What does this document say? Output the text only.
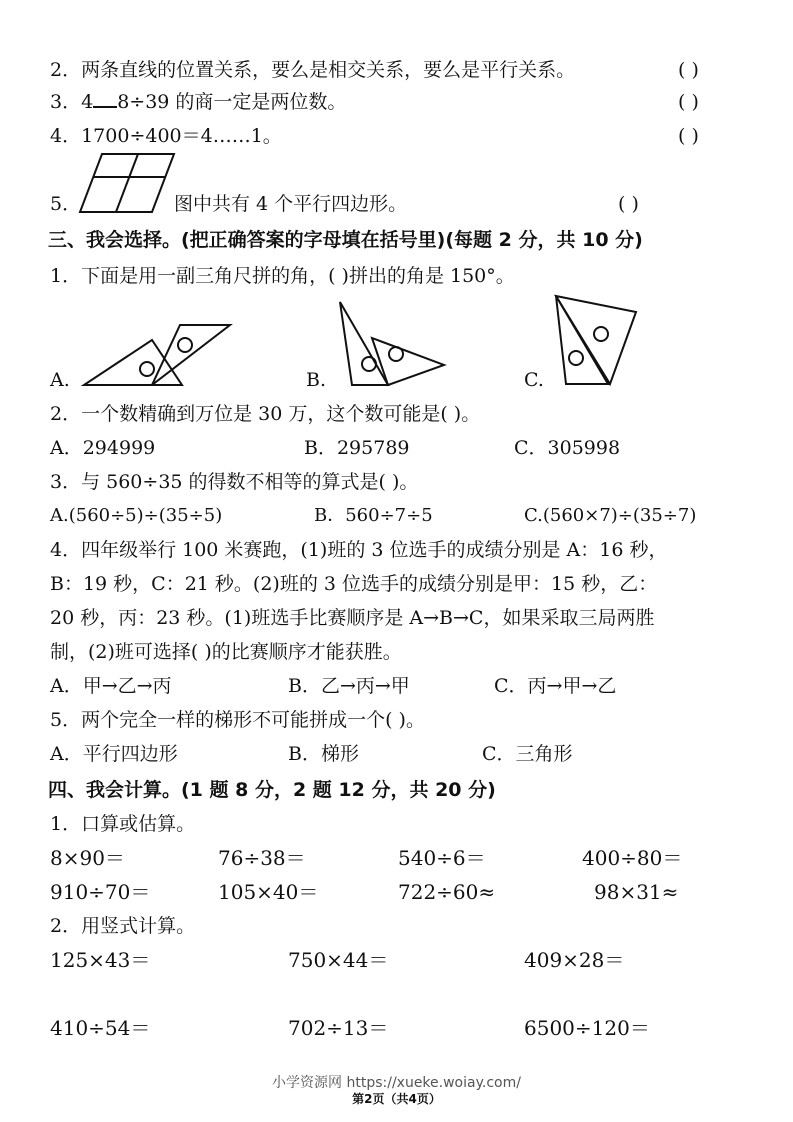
2．两条直线的位置关系，要么是相交关系，要么是平行关系。	( )
3．4 8÷39 的商一定是两位数。	( )
4．1700÷400＝4……1。	( )
5．	图中共有 4 个平行四边形。	( )
三、我会选择。(把正确答案的字母填在括号里)(每题 2 分，共 10 分)
1．下面是用一副三角尺拼的角，( )拼出的角是 150°。
A.	B.	C.
2．一个数精确到万位是 30 万，这个数可能是( )。
A．294999	B．295789	C．305998
3．与 560÷35 的得数不相等的算式是( )。
A.(560÷5)÷(35÷5)	B．560÷7÷5	C.(560×7)÷(35÷7)
4．四年级举行 100 米赛跑，(1)班的 3 位选手的成绩分别是 A：16 秒，
B：19 秒，C：21 秒。(2)班的 3 位选手的成绩分别是甲：15 秒，乙：
20 秒，丙：23 秒。(1)班选手比赛顺序是 A→B→C，如果采取三局两胜
制，(2)班可选择( )的比赛顺序才能获胜。
A．甲→乙→丙	B．乙→丙→甲	C．丙→甲→乙
5．两个完全一样的梯形不可能拼成一个( )。
A．平行四边形	B．梯形	C．三角形
四、我会计算。(1 题 8 分，2 题 12 分，共 20 分)
1．口算或估算。
8×90＝	76÷38＝	540÷6＝	400÷80＝
910÷70＝	105×40＝	722÷60≈	98×31≈
2．用竖式计算。
125×43＝	750×44＝	409×28＝
410÷54＝	702÷13＝	6500÷120＝
小学资源网 https://xueke.woiay.com/
第2页（共4页）
